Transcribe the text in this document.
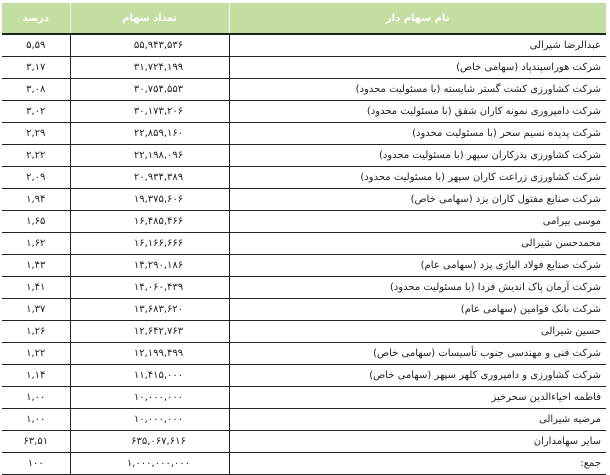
نام سهام دار	تعداد سهام	درصد
عبدالرضا شیرالی	۵۵,۹۴۳,۵۳۶	۵,۵۹
شرکت هوراسپندپاد (سهامی خاص)	۳۱,۷۲۴,۱۹۹	۳,۱۷
شرکت کشاورزی کشت گستر شایسته (با مسئولیت محدود)	۳۰,۷۵۴,۵۵۳	۳,۰۸
شرکت دامپروری نمونه کاران شفق (با مسئولیت محدود)	۳۰,۱۷۳,۲۰۶	۳,۰۲
شرکت پدیده نسیم سحر (با مسئولیت محدود)	۲۲,۸۵۹,۱۶۰	۲,۲۹
شرکت کشاورزی بذرکاران سپهر (با مسئولیت محدود)	۲۲,۱۹۸,۰۹۶	۲,۲۲
شرکت کشاورزی زراعت کاران سپهر (با مسئولیت محدود)	۲۰,۹۳۴,۳۸۹	۲,۰۹
شرکت صنایع مفتول کاران یزد (سهامی خاص)	۱۹,۳۷۵,۶۰۶	۱,۹۴
موسی بیرامی	۱۶,۴۸۵,۴۶۶	۱,۶۵
محمدحسن شیرالی	۱۶,۱۶۶,۶۶۶	۱,۶۲
شرکت صنایع فولاد الیاژی یزد (سهامی عام)	۱۴,۲۹۰,۱۸۶	۱,۴۳
شرکت آرمان پاک اندیش فردا (با مسئولیت محدود)	۱۴,۰۶۰,۴۳۹	۱,۴۱
شرکت بانک قوامین (سهامی عام)	۱۳,۶۸۳,۶۲۰	۱,۳۷
حسین شیرالی	۱۲,۶۴۲,۷۶۳	۱,۲۶
شرکت فنی و مهندسی جنوب تأسیسات (سهامی خاص)	۱۲,۱۹۹,۴۹۹	۱,۲۲
شرکت کشاورزی و دامپروری کلهر سپهر (سهامی خاص)	۱۱,۴۱۵,۰۰۰	۱,۱۴
فاطمه احیاءالدین سحرخیز	۱۰,۰۰۰,۰۰۰	۱,۰۰
مرضیه شیرالی	۱۰,۰۰۰,۰۰۰	۱,۰۰
سایر سهامداران	۶۳۵,۰۶۷,۶۱۶	۶۳,۵۱
جمع:	۱,۰۰۰,۰۰۰,۰۰۰	۱۰۰
